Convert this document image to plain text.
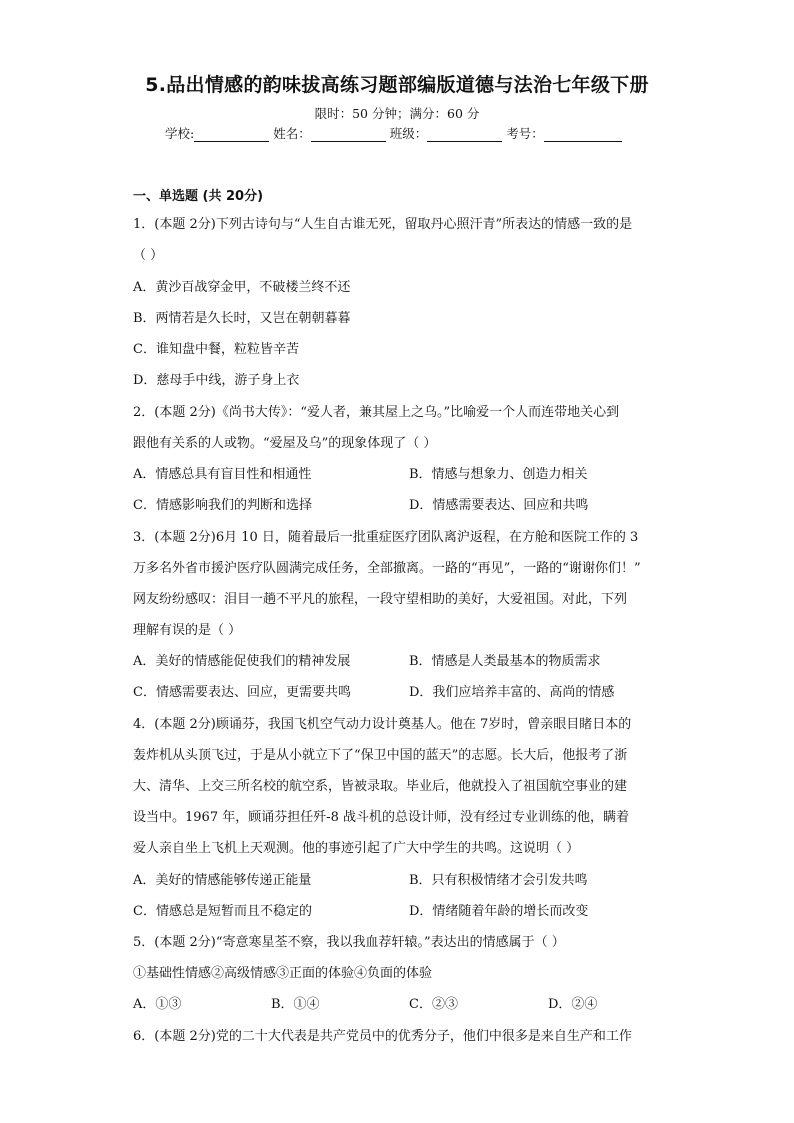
5.品出情感的韵味拔高练习题部编版道德与法治七年级下册
限时：50 分钟；满分：60 分
学校:	姓名：	班级：	考号：
一、单选题 (共 20分)
1．(本题 2分)下列古诗句与“人生自古谁无死，留取丹心照汗青”所表达的情感一致的是
（ ）
A．黄沙百战穿金甲，不破楼兰终不还
B．两情若是久长时，又岂在朝朝暮暮
C．谁知盘中餐，粒粒皆辛苦
D．慈母手中线，游子身上衣
2．(本题 2分)《尚书大传》：“爱人者，兼其屋上之乌。”比喻爱一个人而连带地关心到
跟他有关系的人或物。“爱屋及乌”的现象体现了（ ）
A．情感总具有盲目性和相通性	B．情感与想象力、创造力相关
C．情感影响我们的判断和选择	D．情感需要表达、回应和共鸣
3．(本题 2分)6月 10 日，随着最后一批重症医疗团队离沪返程，在方舱和医院工作的 3
万多名外省市援沪医疗队圆满完成任务，全部撤离。一路的“再见”，一路的“谢谢你们！”
网友纷纷感叹：泪目一趟不平凡的旅程，一段守望相助的美好，大爱祖国。对此，下列
理解有误的是（ ）
A．美好的情感能促使我们的精神发展	B．情感是人类最基本的物质需求
C．情感需要表达、回应，更需要共鸣	D．我们应培养丰富的、高尚的情感
4．(本题 2分)顾诵芬，我国飞机空气动力设计奠基人。他在 7岁时，曾亲眼目睹日本的
轰炸机从头顶飞过，于是从小就立下了“保卫中国的蓝天”的志愿。长大后，他报考了浙
大、清华、上交三所名校的航空系，皆被录取。毕业后，他就投入了祖国航空事业的建
设当中。1967 年，顾诵芬担任歼-8 战斗机的总设计师，没有经过专业训练的他，瞒着
爱人亲自坐上飞机上天观测。他的事迹引起了广大中学生的共鸣。这说明（ ）
A．美好的情感能够传递正能量	B．只有积极情绪才会引发共鸣
C．情感总是短暂而且不稳定的	D．情绪随着年龄的增长而改变
5．(本题 2分)“寄意寒星荃不察，我以我血荐轩辕。”表达出的情感属于（ ）
①基础性情感②高级情感③正面的体验④负面的体验
A．①③	B．①④	C．②③	D．②④
6．(本题 2分)党的二十大代表是共产党员中的优秀分子，他们中很多是来自生产和工作
